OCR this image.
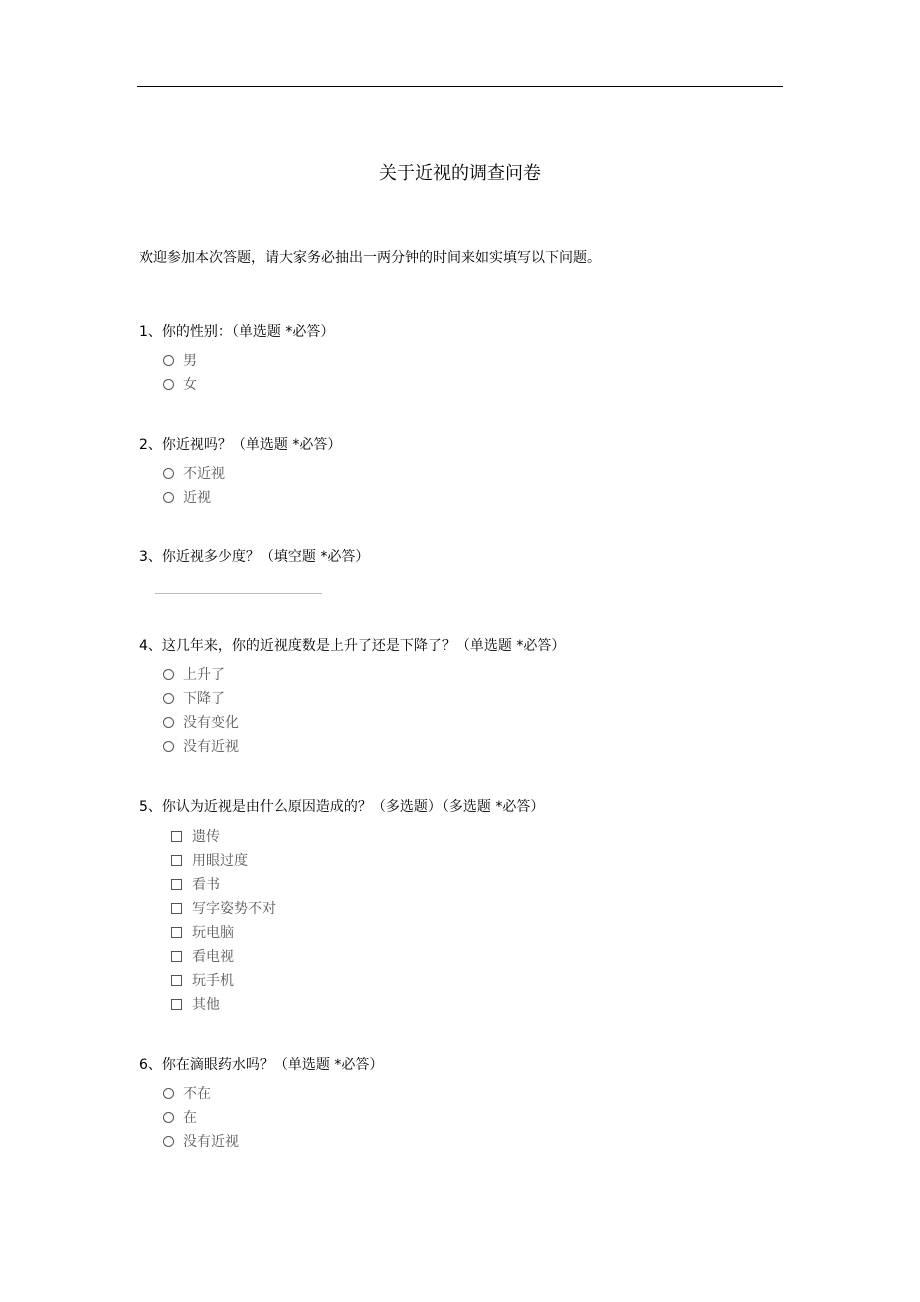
关于近视的调查问卷
欢迎参加本次答题，请大家务必抽出一两分钟的时间来如实填写以下问题。
1、你的性别：（单选题 *必答）
男
女
2、你近视吗？（单选题 *必答）
不近视
近视
3、你近视多少度？（填空题 *必答）
4、这几年来，你的近视度数是上升了还是下降了？（单选题 *必答）
上升了
下降了
没有变化
没有近视
5、你认为近视是由什么原因造成的？（多选题）（多选题 *必答）
遗传
用眼过度
看书
写字姿势不对
玩电脑
看电视
玩手机
其他
6、你在滴眼药水吗？（单选题 *必答）
不在
在
没有近视
